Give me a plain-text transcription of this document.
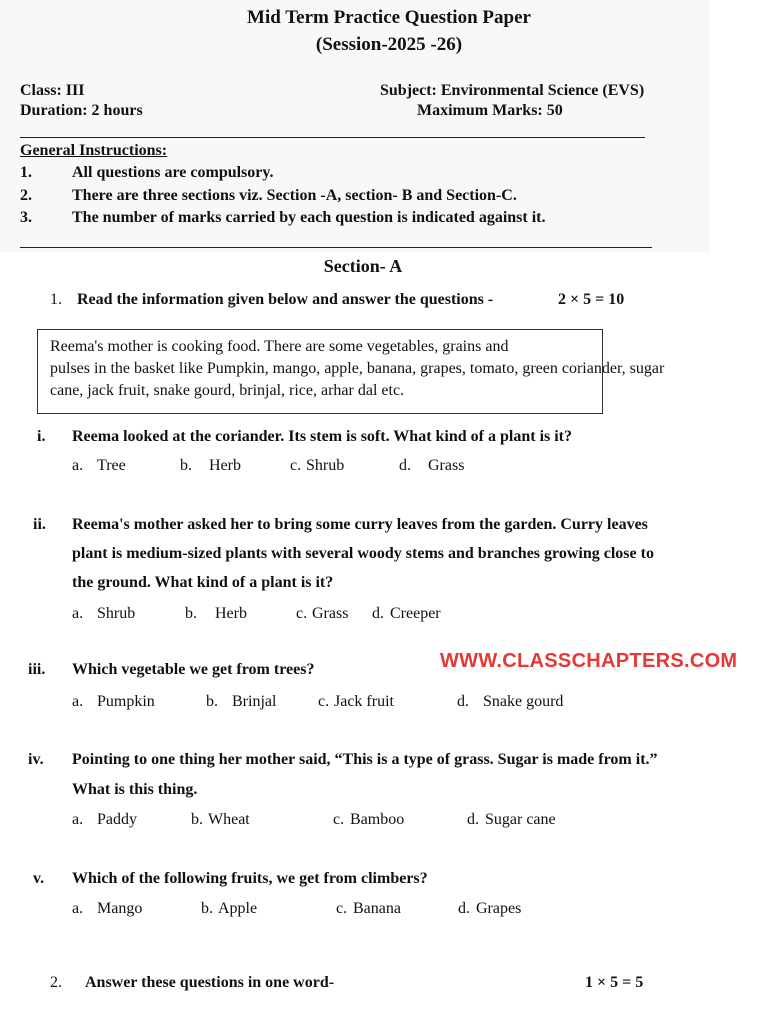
Mid Term Practice Question Paper
(Session-2025 -26)
Class: III	Subject: Environmental Science (EVS)
Duration: 2 hours	Maximum Marks: 50
General Instructions:
1.	All questions are compulsory.
2.	There are three sections viz. Section -A, section- B and Section-C.
3.	The number of marks carried by each question is indicated against it.
Section- A
1. Read the information given below and answer the questions -	2 × 5 = 10
Reema's mother is cooking food. There are some vegetables, grains and
pulses in the basket like Pumpkin, mango, apple, banana, grapes, tomato, green coriander, sugar
cane, jack fruit, snake gourd, brinjal, rice, arhar dal etc.
i. Reema looked at the coriander. Its stem is soft. What kind of a plant is it?
a. Tree	b. Herb	c. Shrub	d. Grass
ii. Reema's mother asked her to bring some curry leaves from the garden. Curry leaves
plant is medium-sized plants with several woody stems and branches growing close to
the ground. What kind of a plant is it?
a. Shrub	b. Herb	c. Grass d. Creeper
iii. Which vegetable we get from trees?	WWW.CLASSCHAPTERS.COM
a. Pumpkin	b. Brinjal	c. Jack fruit	d. Snake gourd
iv. Pointing to one thing her mother said, “This is a type of grass. Sugar is made from it.”
What is this thing.
a. Paddy	b. Wheat	c. Bamboo	d. Sugar cane
v. Which of the following fruits, we get from climbers?
a. Mango	b. Apple	c. Banana	d. Grapes
2. Answer these questions in one word-	1 × 5 = 5
